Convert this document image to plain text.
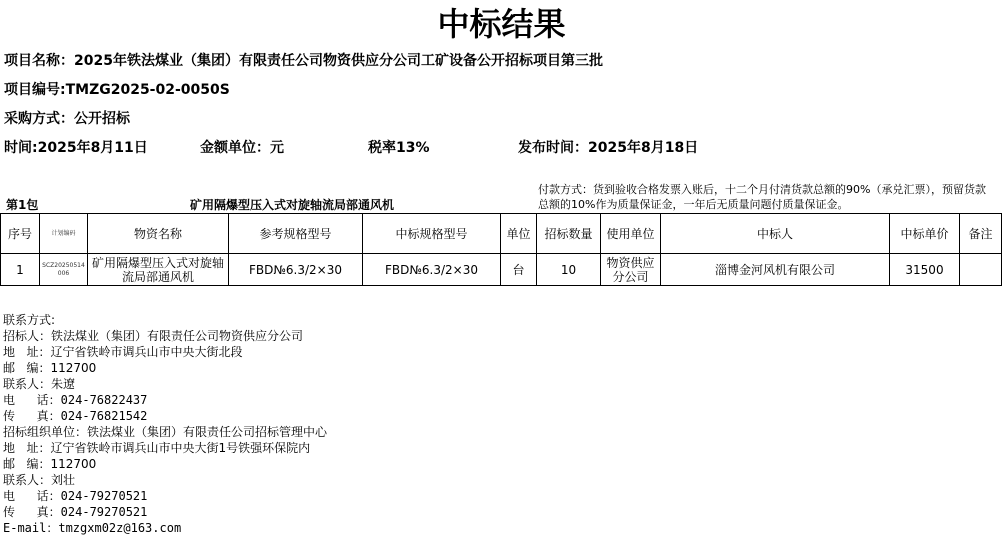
中标结果
项目名称：2025年铁法煤业（集团）有限责任公司物资供应分公司工矿设备公开招标项目第三批
项目编号:TMZG2025-02-0050S
采购方式：公开招标
时间:2025年8月11日	金额单位：元	税率13%	发布时间：2025年8月18日
第1包	矿用隔爆型压入式对旋轴流局部通风机
付款方式：货到验收合格发票入账后，十二个月付清货款总额的90%（承兑汇票），预留货款总额的10%作为质量保证金，一年后无质量问题付质量保证金。
序号	计划编码	物资名称	参考规格型号	中标规格型号	单位	招标数量	使用单位	中标人	中标单价	备注
1	SCZ20250514006	矿用隔爆型压入式对旋轴流局部通风机	FBD№6.3/2×30	FBD№6.3/2×30	台	10	物资供应分公司	淄博金河风机有限公司	31500	
联系方式:
招标人：铁法煤业（集团）有限责任公司物资供应分公司
地   址：辽宁省铁岭市调兵山市中央大街北段
邮   编：112700
联系人：朱遼
电   话：024-76822437
传   真：024-76821542
招标组织单位：铁法煤业（集团）有限责任公司招标管理中心
地   址：辽宁省铁岭市调兵山市中央大街1号铁强环保院内
邮   编：112700
联系人：刘壮
电   话：024-79270521
传   真：024-79270521
E-mail：tmzgxm02z@163.com
